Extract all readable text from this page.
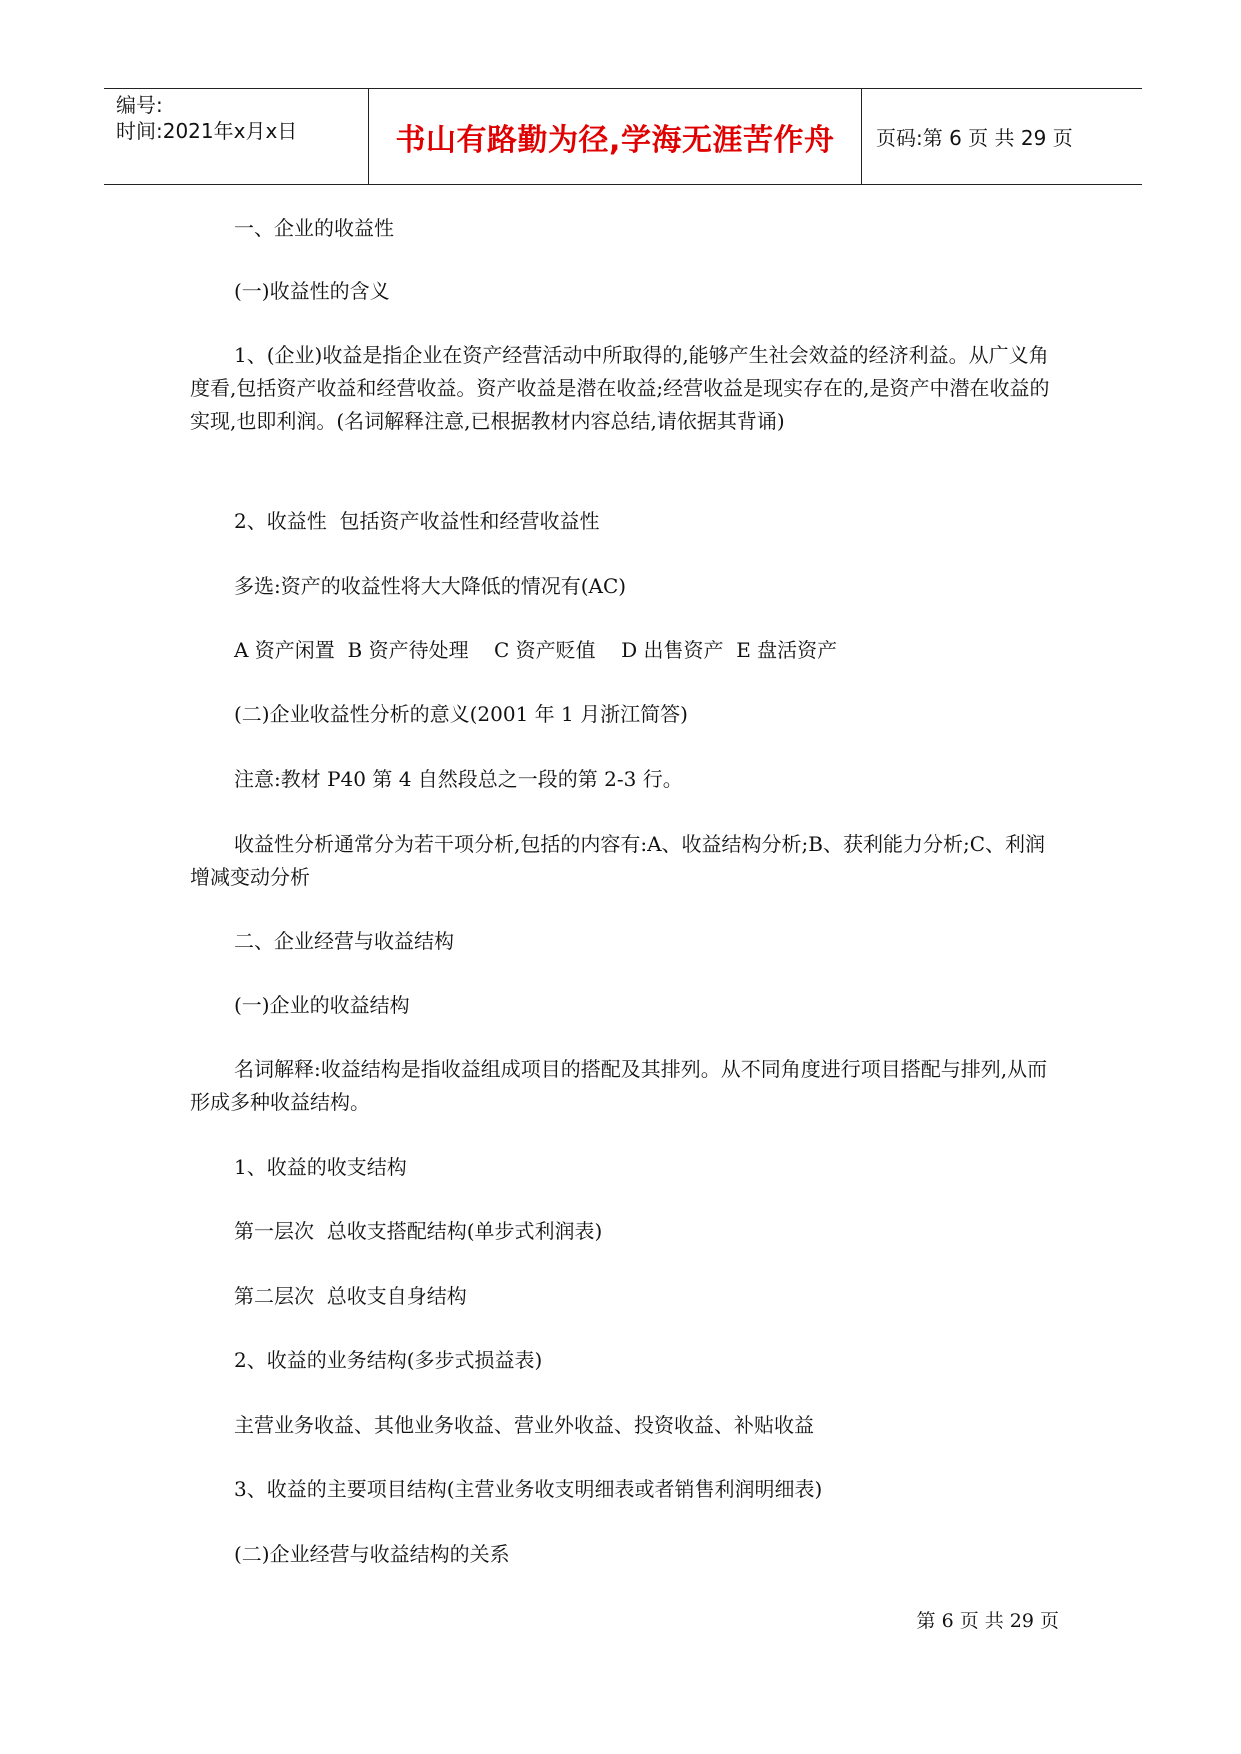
编号:
时间:2021年x月x日	书山有路勤为径,学海无涯苦作舟	页码:第 6 页 共 29 页

一、企业的收益性

(一)收益性的含义

1、(企业)收益是指企业在资产经营活动中所取得的,能够产生社会效益的经济利益。从广义角度看,包括资产收益和经营收益。资产收益是潜在收益;经营收益是现实存在的,是资产中潜在收益的实现,也即利润。(名词解释注意,已根据教材内容总结,请依据其背诵)

2、收益性  包括资产收益性和经营收益性

多选:资产的收益性将大大降低的情况有(AC)

A 资产闲置  B 资产待处理    C 资产贬值    D 出售资产  E 盘活资产

(二)企业收益性分析的意义(2001 年 1 月浙江简答)

注意:教材 P40 第 4 自然段总之一段的第 2-3 行。

收益性分析通常分为若干项分析,包括的内容有:A、收益结构分析;B、获利能力分析;C、利润增减变动分析

二、企业经营与收益结构

(一)企业的收益结构

名词解释:收益结构是指收益组成项目的搭配及其排列。从不同角度进行项目搭配与排列,从而形成多种收益结构。

1、收益的收支结构

第一层次  总收支搭配结构(单步式利润表)

第二层次  总收支自身结构

2、收益的业务结构(多步式损益表)

主营业务收益、其他业务收益、营业外收益、投资收益、补贴收益

3、收益的主要项目结构(主营业务收支明细表或者销售利润明细表)

(二)企业经营与收益结构的关系

第 6 页 共 29 页
